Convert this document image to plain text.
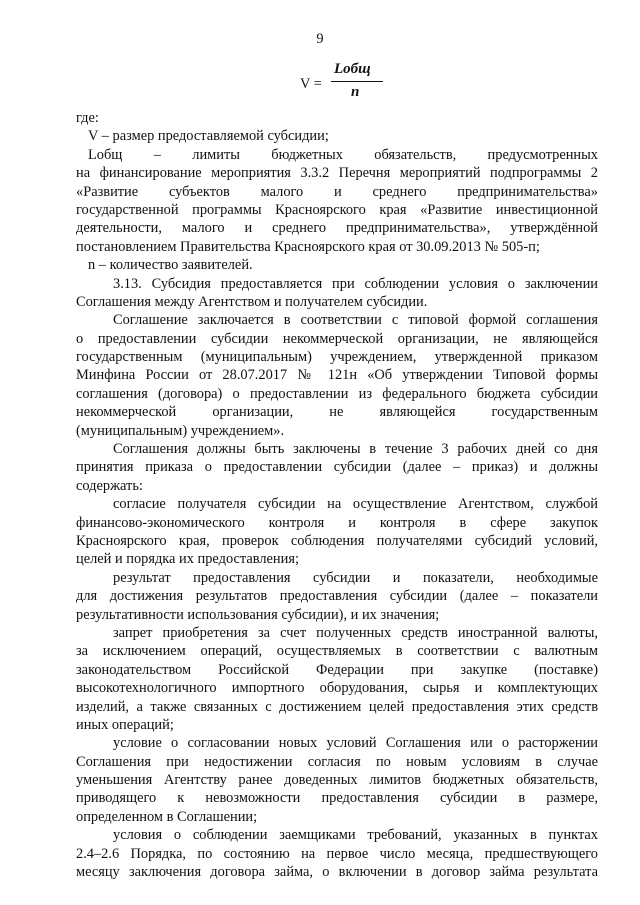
9
V =
Lобщ
n
где:
V – размер предоставляемой субсидии;
Lобщ – лимиты бюджетных обязательств, предусмотренных
на финансирование мероприятия 3.3.2 Перечня мероприятий подпрограммы 2
«Развитие субъектов малого и среднего предпринимательства»
государственной программы Красноярского края «Развитие инвестиционной
деятельности, малого и среднего предпринимательства», утверждённой
постановлением Правительства Красноярского края от 30.09.2013 № 505-п;
n – количество заявителей.
3.13. Субсидия предоставляется при соблюдении условия о заключении
Соглашения между Агентством и получателем субсидии.
Соглашение заключается в соответствии с типовой формой соглашения
о предоставлении субсидии некоммерческой организации, не являющейся
государственным (муниципальным) учреждением, утвержденной приказом
Минфина России от 28.07.2017 № 121н «Об утверждении Типовой формы
соглашения (договора) о предоставлении из федерального бюджета субсидии
некоммерческой организации, не являющейся государственным
(муниципальным) учреждением».
Соглашения должны быть заключены в течение 3 рабочих дней со дня
принятия приказа о предоставлении субсидии (далее – приказ) и должны
содержать:
согласие получателя субсидии на осуществление Агентством, службой
финансово-экономического контроля и контроля в сфере закупок
Красноярского края, проверок соблюдения получателями субсидий условий,
целей и порядка их предоставления;
результат предоставления субсидии и показатели, необходимые
для достижения результатов предоставления субсидии (далее – показатели
результативности использования субсидии), и их значения;
запрет приобретения за счет полученных средств иностранной валюты,
за исключением операций, осуществляемых в соответствии с валютным
законодательством Российской Федерации при закупке (поставке)
высокотехнологичного импортного оборудования, сырья и комплектующих
изделий, а также связанных с достижением целей предоставления этих средств
иных операций;
условие о согласовании новых условий Соглашения или о расторжении
Соглашения при недостижении согласия по новым условиям в случае
уменьшения Агентству ранее доведенных лимитов бюджетных обязательств,
приводящего к невозможности предоставления субсидии в размере,
определенном в Соглашении;
условия о соблюдении заемщиками требований, указанных в пунктах
2.4–2.6 Порядка, по состоянию на первое число месяца, предшествующего
месяцу заключения договора займа, о включении в договор займа результата
